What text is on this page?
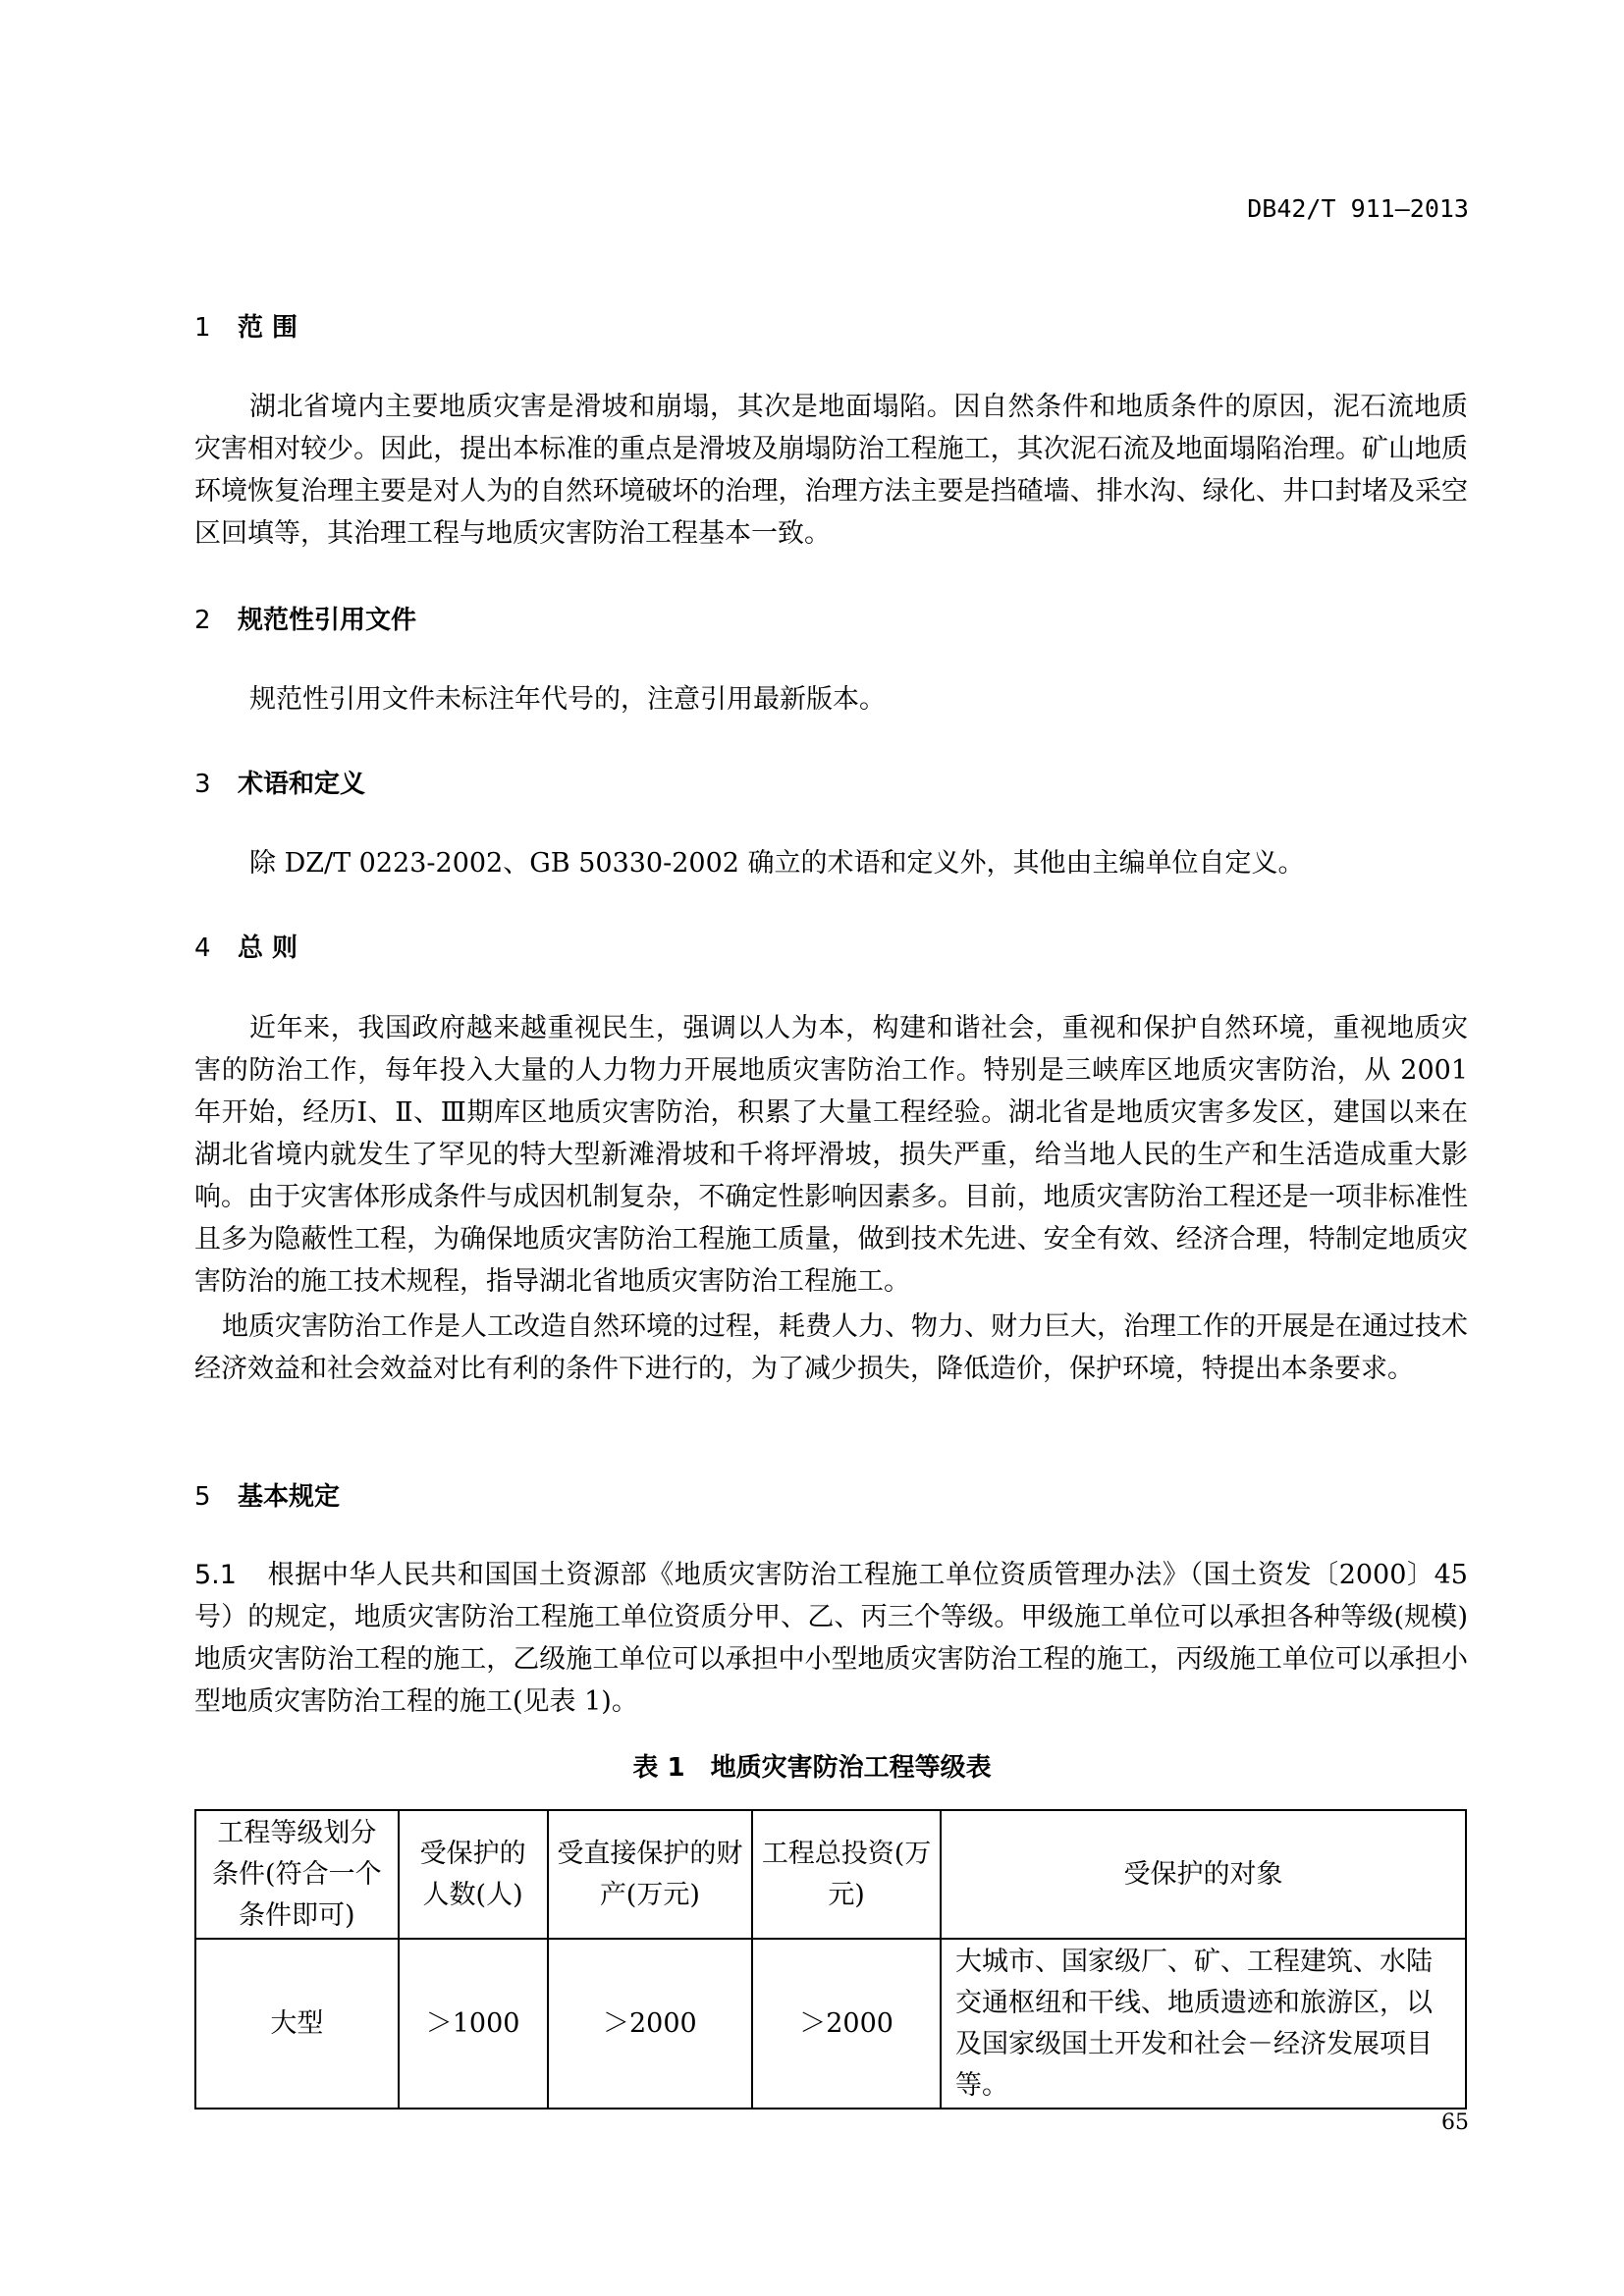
DB42/T 911—2013
1 范 围
湖北省境内主要地质灾害是滑坡和崩塌，其次是地面塌陷。因自然条件和地质条件的原因，泥石流地质灾害相对较少。因此，提出本标准的重点是滑坡及崩塌防治工程施工，其次泥石流及地面塌陷治理。矿山地质环境恢复治理主要是对人为的自然环境破坏的治理，治理方法主要是挡碴墙、排水沟、绿化、井口封堵及采空区回填等，其治理工程与地质灾害防治工程基本一致。
2 规范性引用文件
规范性引用文件未标注年代号的，注意引用最新版本。
3 术语和定义
除 DZ/T 0223-2002、GB 50330-2002 确立的术语和定义外，其他由主编单位自定义。
4 总 则
近年来，我国政府越来越重视民生，强调以人为本，构建和谐社会，重视和保护自然环境，重视地质灾害的防治工作，每年投入大量的人力物力开展地质灾害防治工作。特别是三峡库区地质灾害防治，从 2001 年开始，经历Ⅰ、Ⅱ、Ⅲ期库区地质灾害防治，积累了大量工程经验。湖北省是地质灾害多发区，建国以来在湖北省境内就发生了罕见的特大型新滩滑坡和千将坪滑坡，损失严重，给当地人民的生产和生活造成重大影响。由于灾害体形成条件与成因机制复杂，不确定性影响因素多。目前，地质灾害防治工程还是一项非标准性且多为隐蔽性工程，为确保地质灾害防治工程施工质量，做到技术先进、安全有效、经济合理，特制定地质灾害防治的施工技术规程，指导湖北省地质灾害防治工程施工。
地质灾害防治工作是人工改造自然环境的过程，耗费人力、物力、财力巨大，治理工作的开展是在通过技术经济效益和社会效益对比有利的条件下进行的，为了减少损失，降低造价，保护环境，特提出本条要求。
5 基本规定
5.1 根据中华人民共和国国土资源部《地质灾害防治工程施工单位资质管理办法》（国土资发〔2000〕45 号）的规定，地质灾害防治工程施工单位资质分甲、乙、丙三个等级。甲级施工单位可以承担各种等级(规模)地质灾害防治工程的施工，乙级施工单位可以承担中小型地质灾害防治工程的施工，丙级施工单位可以承担小型地质灾害防治工程的施工(见表 1)。
表 1　地质灾害防治工程等级表
工程等级划分条件(符合一个条件即可)	受保护的人数(人)	受直接保护的财产(万元)	工程总投资(万元)	受保护的对象
大型	＞1000	＞2000	＞2000	大城市、国家级厂、矿、工程建筑、水陆交通枢纽和干线、地质遗迹和旅游区，以及国家级国土开发和社会－经济发展项目等。
65
